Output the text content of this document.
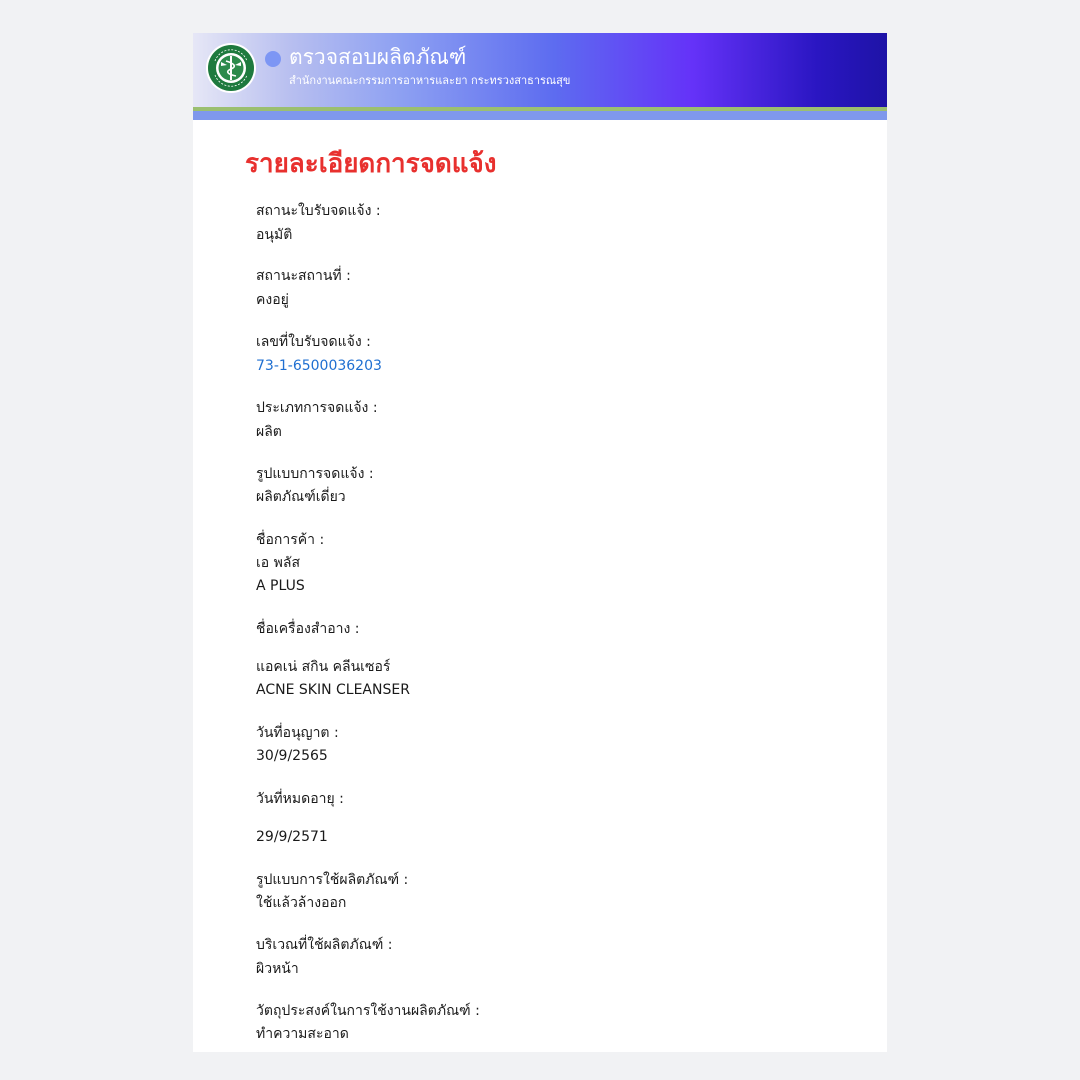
ตรวจสอบผลิตภัณฑ์
สำนักงานคณะกรรมการอาหารและยา กระทรวงสาธารณสุข
รายละเอียดการจดแจ้ง
สถานะใบรับจดแจ้ง :
อนุมัติ
สถานะสถานที่ :
คงอยู่
เลขที่ใบรับจดแจ้ง :
73-1-6500036203
ประเภทการจดแจ้ง :
ผลิต
รูปแบบการจดแจ้ง :
ผลิตภัณฑ์เดี่ยว
ชื่อการค้า :
เอ พลัส
A PLUS
ชื่อเครื่องสำอาง :
แอคเน่ สกิน คลีนเซอร์
ACNE SKIN CLEANSER
วันที่อนุญาต :
30/9/2565
วันที่หมดอายุ :
29/9/2571
รูปแบบการใช้ผลิตภัณฑ์ :
ใช้แล้วล้างออก
บริเวณที่ใช้ผลิตภัณฑ์ :
ผิวหน้า
วัตถุประสงค์ในการใช้งานผลิตภัณฑ์ :
ทำความสะอาด
